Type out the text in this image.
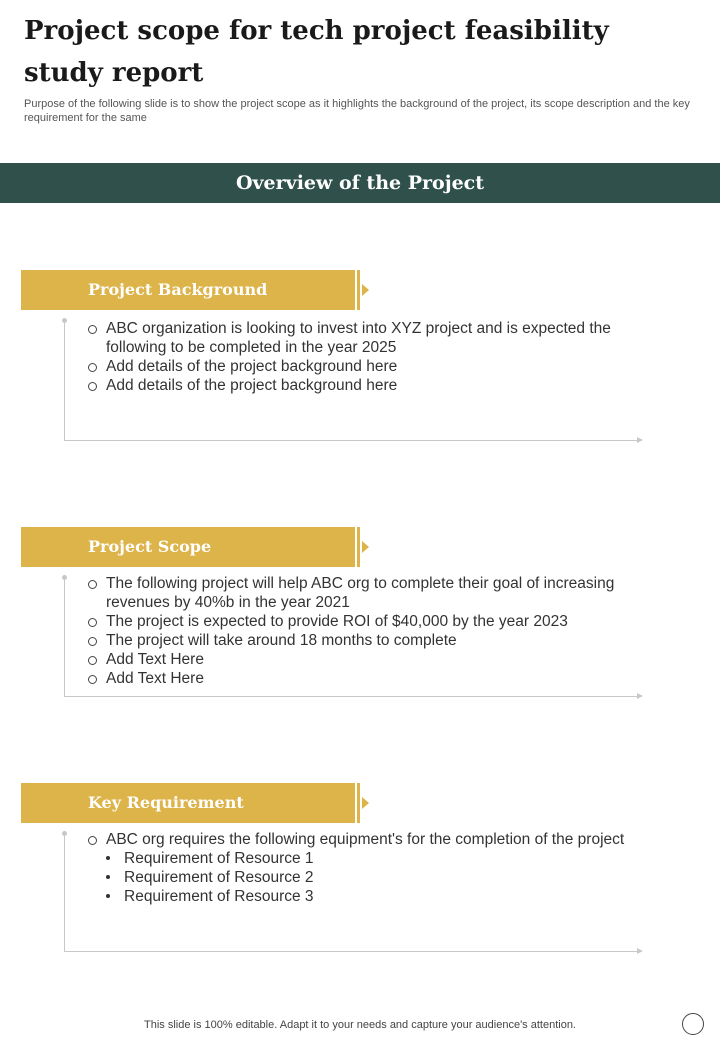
Project scope for tech project feasibility study report
Purpose of the following slide is to show the project scope as it highlights the background of the project, its scope description and the key requirement for the same
Overview of the Project
Project Background
ABC organization is looking to invest into XYZ project and is expected the following to be completed in the year 2025
Add details of the project background here
Add details of the project background here
Project Scope
The following project will help ABC org to complete their goal of increasing revenues by 40%b in the year 2021
The project is expected to provide ROI of $40,000 by the year 2023
The project will take around 18 months to complete
Add Text Here
Add Text Here
Key Requirement
ABC org requires the following equipment's for the completion of the project
Requirement of Resource 1
Requirement of Resource 2
Requirement of Resource 3
This slide is 100% editable. Adapt it to your needs and capture your audience's attention.
